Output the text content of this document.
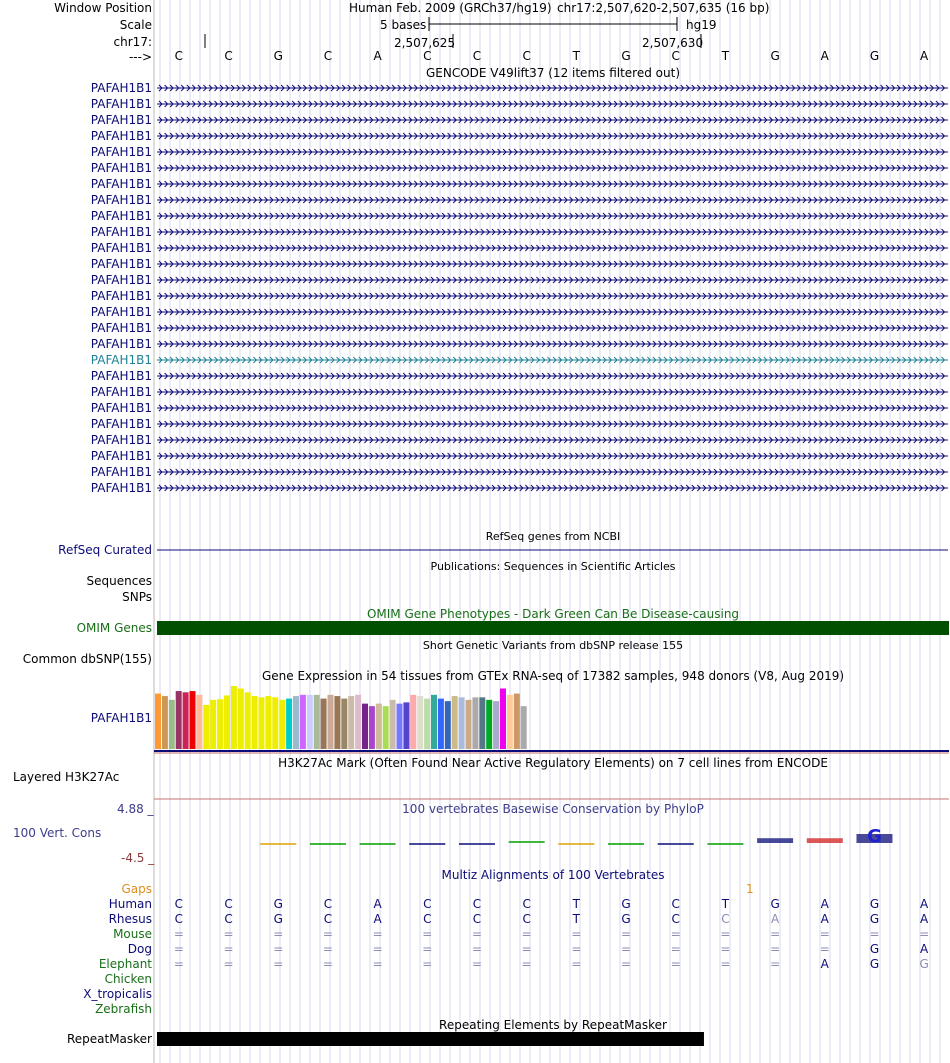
G
Window Position	Human Feb. 2009 (GRCh37/hg19) chr17:2,507,620-2,507,635 (16 bp)
Scale	5 bases	hg19
chr17:	2,507,625	2,507,630
--->	C	C	G	C	A	C	C	C	T	G	C	T	G	A	G	A
GENCODE V49lift37 (12 items filtered out)
PAFAH1B1
PAFAH1B1
PAFAH1B1
PAFAH1B1
PAFAH1B1
PAFAH1B1
PAFAH1B1
PAFAH1B1
PAFAH1B1
PAFAH1B1
PAFAH1B1
PAFAH1B1
PAFAH1B1
PAFAH1B1
PAFAH1B1
PAFAH1B1
PAFAH1B1
PAFAH1B1
PAFAH1B1
PAFAH1B1
PAFAH1B1
PAFAH1B1
PAFAH1B1
PAFAH1B1
PAFAH1B1
PAFAH1B1
RefSeq genes from NCBI
RefSeq Curated
Publications: Sequences in Scientific Articles
Sequences
SNPs
OMIM Gene Phenotypes - Dark Green Can Be Disease-causing
OMIM Genes
Short Genetic Variants from dbSNP release 155
Common dbSNP(155)
Gene Expression in 54 tissues from GTEx RNA-seq of 17382 samples, 948 donors (V8, Aug 2019)
PAFAH1B1
H3K27Ac Mark (Often Found Near Active Regulatory Elements) on 7 cell lines from ENCODE
Layered H3K27Ac
100 vertebrates Basewise Conservation by PhyloP
4.88 _
100 Vert. Cons
-4.5 _
Multiz Alignments of 100 Vertebrates
Gaps	1
Human	C	C	G	C	A	C	C	C	T	G	C	T	G	A	G	A
Rhesus	C	C	G	C	A	C	C	C	T	G	C	C	A	A	G	A
Mouse	=	=	=	=	=	=	=	=	=	=	=	=	=	=	=	=
Dog	=	=	=	=	=	=	=	=	=	=	=	=	=	=	G	A
Elephant	=	=	=	=	=	=	=	=	=	=	=	=	=	A	G	G
Chicken
X_tropicalis
Zebrafish
Repeating Elements by RepeatMasker
RepeatMasker
